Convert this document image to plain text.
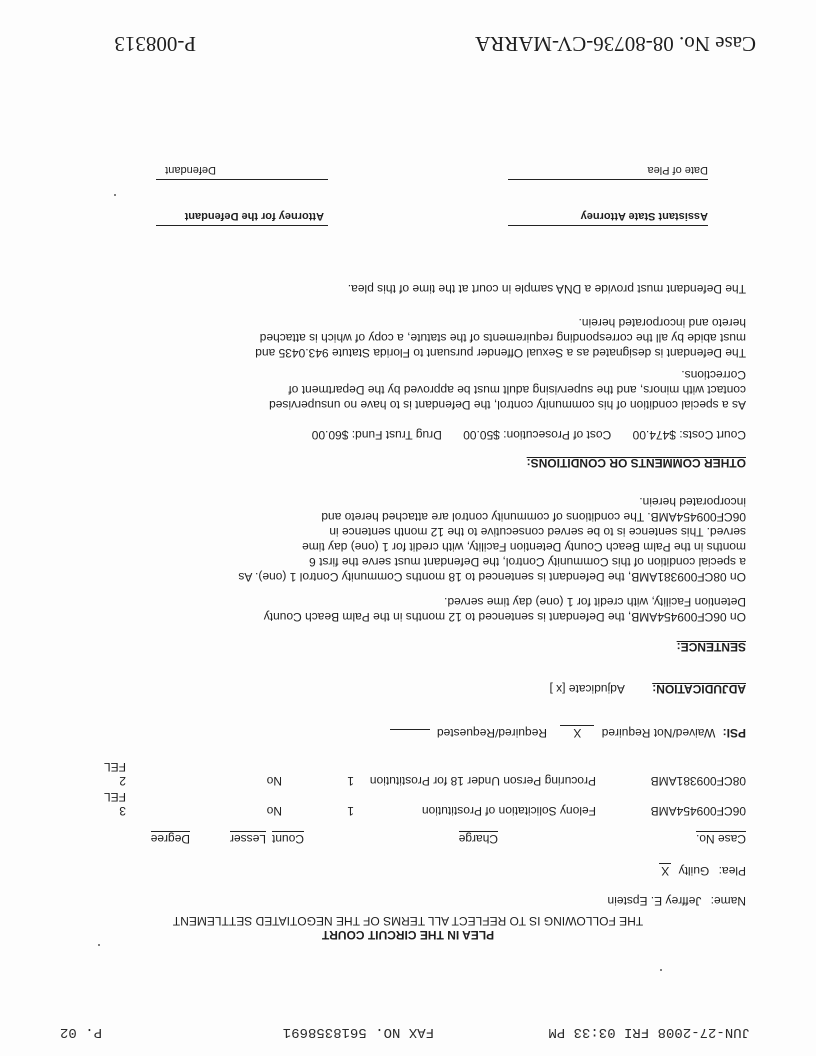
JUN-27-2008 FRI 03:33 PM
FAX NO. 5618358691
P. 02
PLEA IN THE CIRCUIT COURT
THE FOLLOWING IS TO REFLECT ALL TERMS OF THE NEGOTIATED SETTLEMENT
Name: Jeffrey E. Epstein
Plea: Guilty X
Case No.
Charge
Count
Lesser
Degree
06CF009454AMB
Felony Solicitation of Prostitution
1
No
3 FEL
08CF009381AMB
Procuring Person Under 18 for Prostitution
1
No
2 FEL
PSI: Waived/Not Required X Required/Requested
ADJUDICATION: Adjudicate [x ]
SENTENCE:

On 06CF009454AMB, the Defendant is sentenced to 12 months in the Palm Beach County

Detention Facility, with credit for 1 (one) day time served.

On 08CF009381AMB, the Defendant is sentenced to 18 months Community Control 1 (one). As

a special condition of this Community Control, the Defendant must serve the first 6

months in the Palm Beach County Detention Facility, with credit for 1 (one) day time

served. This sentence is to be served consecutive to the 12 month sentence in

06CF009454AMB. The conditions of community control are attached hereto and

incorporated herein.

OTHER COMMENTS OR CONDITIONS:
Court Costs: $474.00 Cost of Prosecution: $50.00 Drug Trust Fund: $60.00

As a special condition of his community control, the Defendant is to have no unsupervised

contact with minors, and the supervising adult must be approved by the Department of

Corrections.

The Defendant is designated as a Sexual Offender pursuant to Florida Statute 943.0435 and

must abide by all the corresponding requirements of the statute, a copy of which is attached

hereto and incorporated herein.

The Defendant must provide a DNA sample in court at the time of this plea.
Assistant State Attorney
Attorney for the Defendant
Date of Plea
Defendant
Case No. 08-80736-CV-MARRA
P-008313
